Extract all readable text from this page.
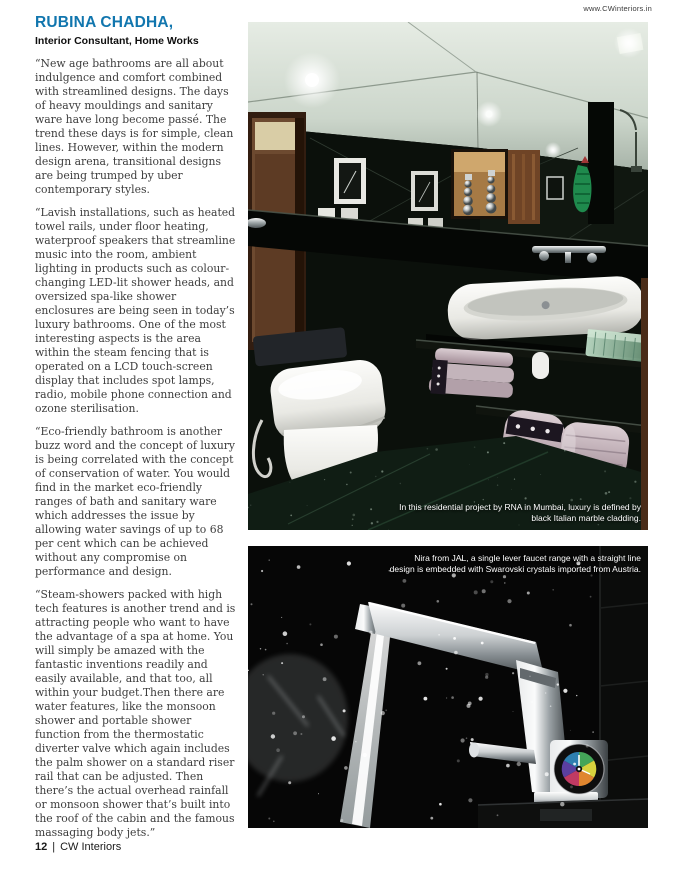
www.CWinteriors.in
RUBINA CHADHA,
Interior Consultant, Home Works

“New age bathrooms are all about indulgence and comfort combined with streamlined designs. The days of heavy mouldings and sanitary ware have long become passé. The trend these days is for simple, clean lines. However, within the modern design arena, transitional designs are being trumped by uber contemporary styles.

“Lavish installations, such as heated towel rails, under floor heating, waterproof speakers that streamline music into the room, ambient lighting in products such as colour-changing LED-lit shower heads, and oversized spa-like shower enclosures are being seen in today’s luxury bathrooms. One of the most interesting aspects is the area within the steam fencing that is operated on a LCD touch-screen display that includes spot lamps, radio, mobile phone connection and ozone sterilisation.

“Eco-friendly bathroom is another buzz word and the concept of luxury is being correlated with the concept of conservation of water. You would find in the market eco-friendly ranges of bath and sanitary ware which addresses the issue by allowing water savings of up to 68 per cent which can be achieved without any compromise on performance and design.

“Steam-showers packed with high tech features is another trend and is attracting people who want to have the advantage of a spa at home. You will simply be amazed with the fantastic inventions readily and easily available, and that too, all within your budget.Then there are water features, like the monsoon shower and portable shower function from the thermostatic diverter valve which again includes the palm shower on a standard riser rail that can be adjusted. Then there’s the actual overhead rainfall or monsoon shower that’s built into the roof of the cabin and the famous massaging body jets.”

In this residential project by RNA in Mumbai, luxury is defined by black Italian marble cladding.
Nira from JAL, a single lever faucet range with a straight line design is embedded with Swarovski crystals imported from Austria.
12 | CW Interiors
